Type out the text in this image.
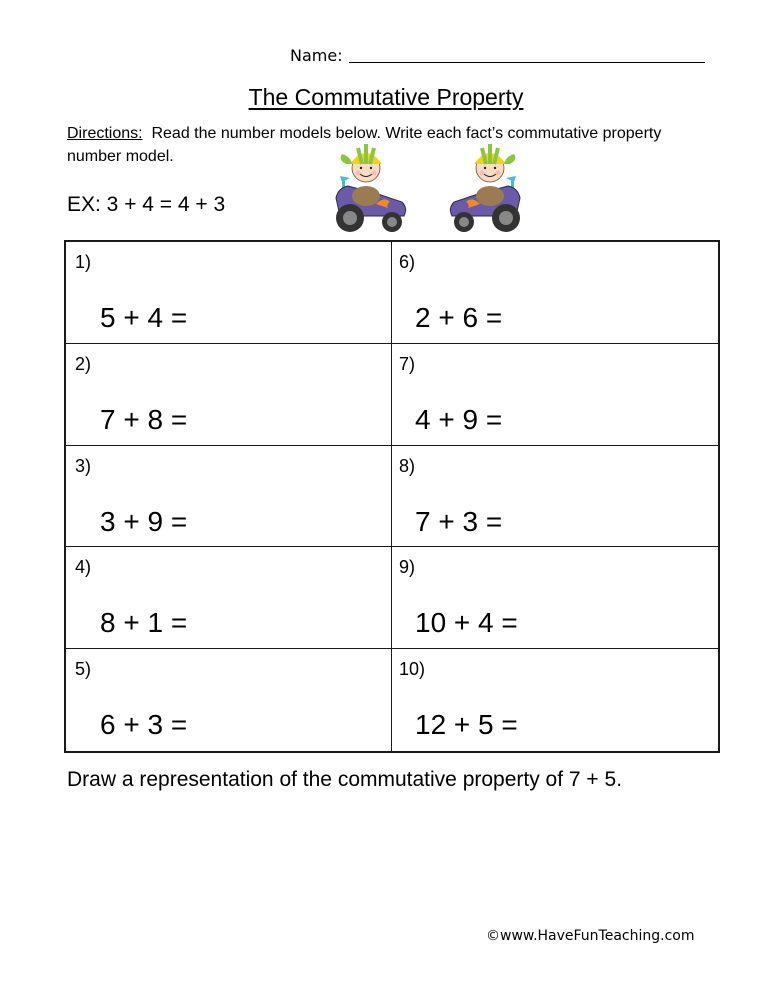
Name:
The Commutative Property
Directions: Read the number models below. Write each fact’s commutative property number model.
EX: 3 + 4 = 4 + 3
1)
5 + 4 =
2)
7 + 8 =
3)
3 + 9 =
4)
8 + 1 =
5)
6 + 3 =
6)
2 + 6 =
7)
4 + 9 =
8)
7 + 3 =
9)
10 + 4 =
10)
12 + 5 =
Draw a representation of the commutative property of 7 + 5.
©www.HaveFunTeaching.com
